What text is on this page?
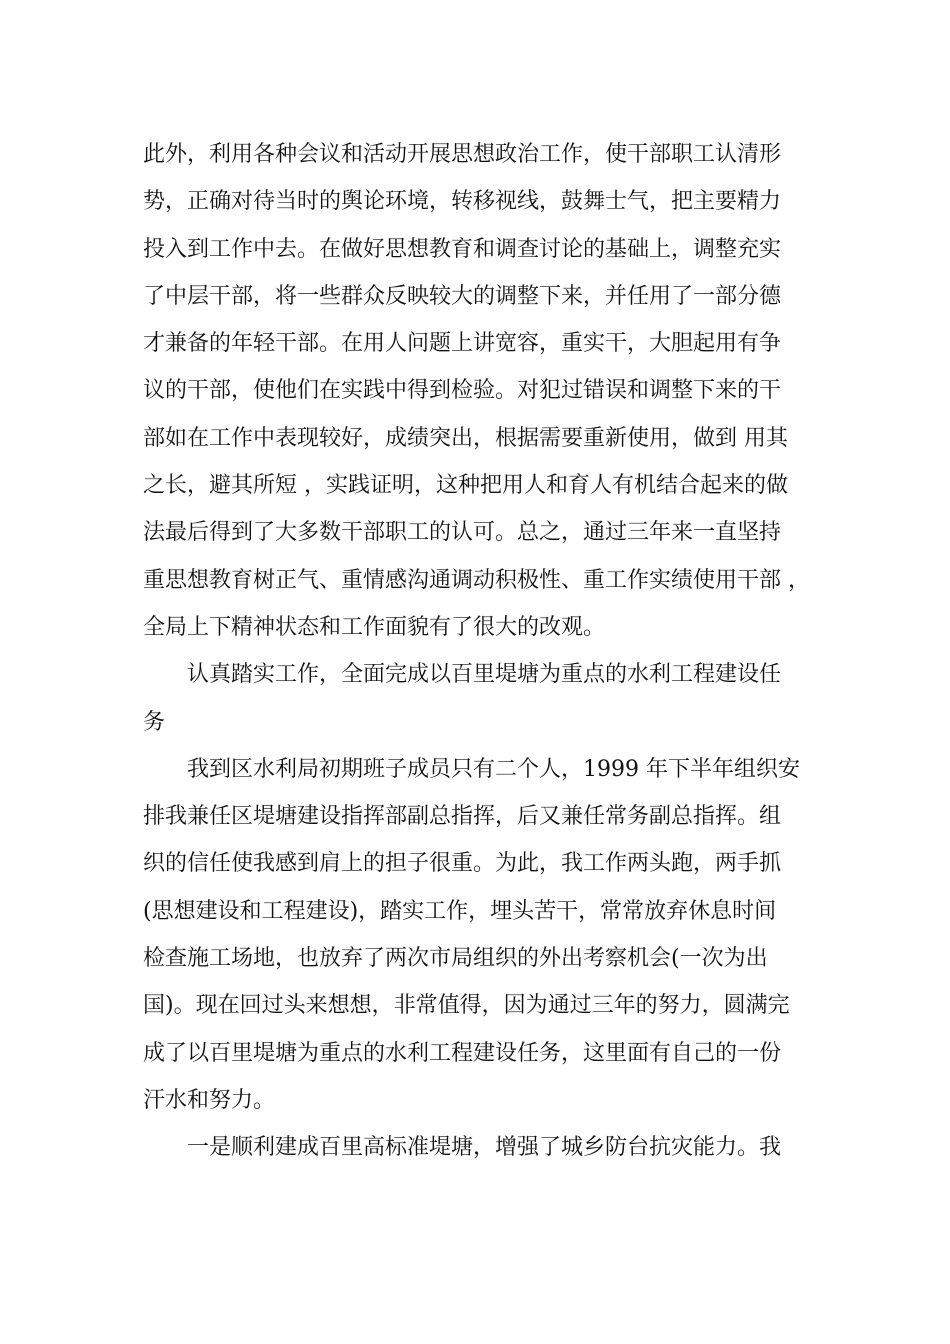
此外，利用各种会议和活动开展思想政治工作，使干部职工认清形
势，正确对待当时的舆论环境，转移视线，鼓舞士气，把主要精力
投入到工作中去。在做好思想教育和调查讨论的基础上，调整充实
了中层干部，将一些群众反映较大的调整下来，并任用了一部分德
才兼备的年轻干部。在用人问题上讲宽容，重实干，大胆起用有争
议的干部，使他们在实践中得到检验。对犯过错误和调整下来的干
部如在工作中表现较好，成绩突出，根据需要重新使用，做到 用其
之长，避其所短 ，实践证明，这种把用人和育人有机结合起来的做
法最后得到了大多数干部职工的认可。总之，通过三年来一直坚持
重思想教育树正气、重情感沟通调动积极性、重工作实绩使用干部 ，
全局上下精神状态和工作面貌有了很大的改观。
认真踏实工作，全面完成以百里堤塘为重点的水利工程建设任
务
我到区水利局初期班子成员只有二个人，1999 年下半年组织安
排我兼任区堤塘建设指挥部副总指挥，后又兼任常务副总指挥。组
织的信任使我感到肩上的担子很重。为此，我工作两头跑，两手抓
(思想建设和工程建设)，踏实工作，埋头苦干，常常放弃休息时间
检查施工场地，也放弃了两次市局组织的外出考察机会(一次为出
国)。现在回过头来想想，非常值得，因为通过三年的努力，圆满完
成了以百里堤塘为重点的水利工程建设任务，这里面有自己的一份
汗水和努力。
一是顺利建成百里高标准堤塘，增强了城乡防台抗灾能力。我
